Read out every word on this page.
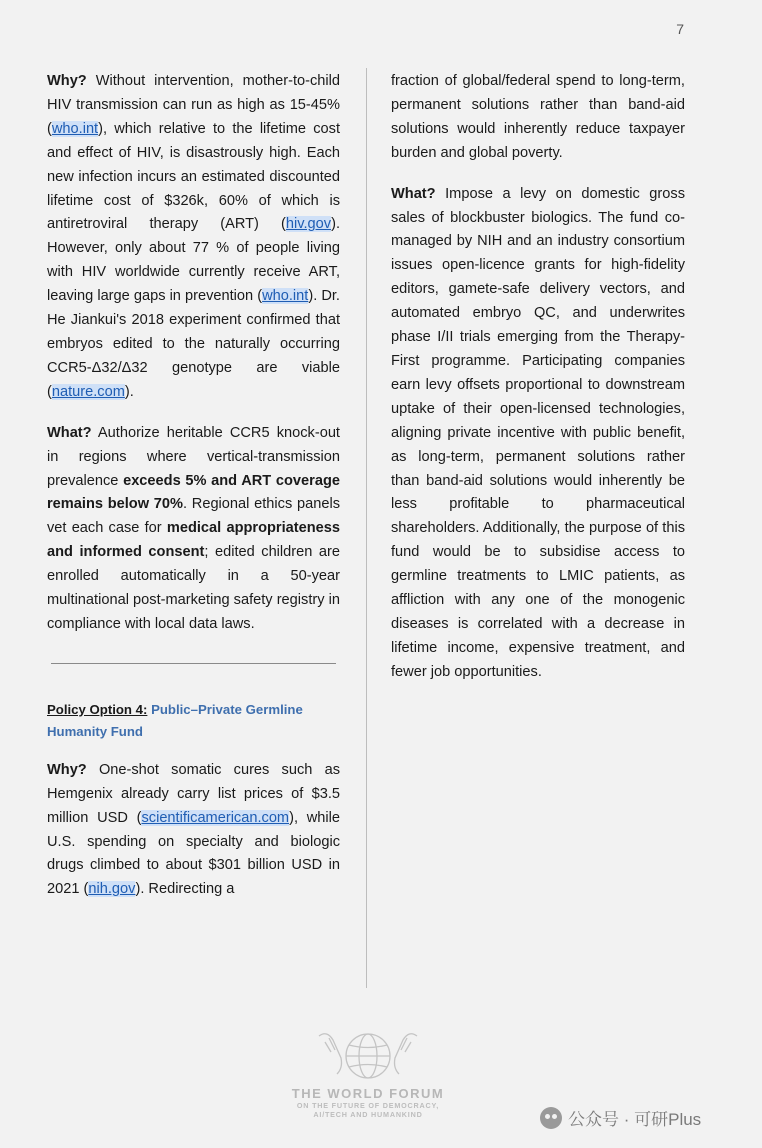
7

Why? Without intervention, mother-to-child HIV transmission can run as high as 15-45% (who.int), which relative to the lifetime cost and effect of HIV, is disastrously high. Each new infection incurs an estimated discounted lifetime cost of $326k, 60% of which is antiretroviral therapy (ART) (hiv.gov). However, only about 77 % of people living with HIV worldwide currently receive ART, leaving large gaps in prevention (who.int). Dr. He Jiankui's 2018 experiment confirmed that embryos edited to the naturally occurring CCR5-Δ32/Δ32 genotype are viable (nature.com).

What? Authorize heritable CCR5 knock-out in regions where vertical-transmission prevalence exceeds 5% and ART coverage remains below 70%. Regional ethics panels vet each case for medical appropriateness and informed consent; edited children are enrolled automatically in a 50-year multinational post-marketing safety registry in compliance with local data laws.

Policy Option 4: Public–Private Germline Humanity Fund

Why? One-shot somatic cures such as Hemgenix already carry list prices of $3.5 million USD (scientificamerican.com), while U.S. spending on specialty and biologic drugs climbed to about $301 billion USD in 2021 (nih.gov). Redirecting a

fraction of global/federal spend to long-term, permanent solutions rather than band-aid solutions would inherently reduce taxpayer burden and global poverty.

What? Impose a levy on domestic gross sales of blockbuster biologics. The fund co-managed by NIH and an industry consortium issues open-licence grants for high-fidelity editors, gamete-safe delivery vectors, and automated embryo QC, and underwrites phase I/II trials emerging from the Therapy-First programme. Participating companies earn levy offsets proportional to downstream uptake of their open-licensed technologies, aligning private incentive with public benefit, as long-term, permanent solutions rather than band-aid solutions would inherently be less profitable to pharmaceutical shareholders. Additionally, the purpose of this fund would be to subsidise access to germline treatments to LMIC patients, as affliction with any one of the monogenic diseases is correlated with a decrease in lifetime income, expensive treatment, and fewer job opportunities.

THE WORLD FORUM
ON THE FUTURE OF DEMOCRACY,
AI/TECH AND HUMANKIND	公众号 · 可研Plus
